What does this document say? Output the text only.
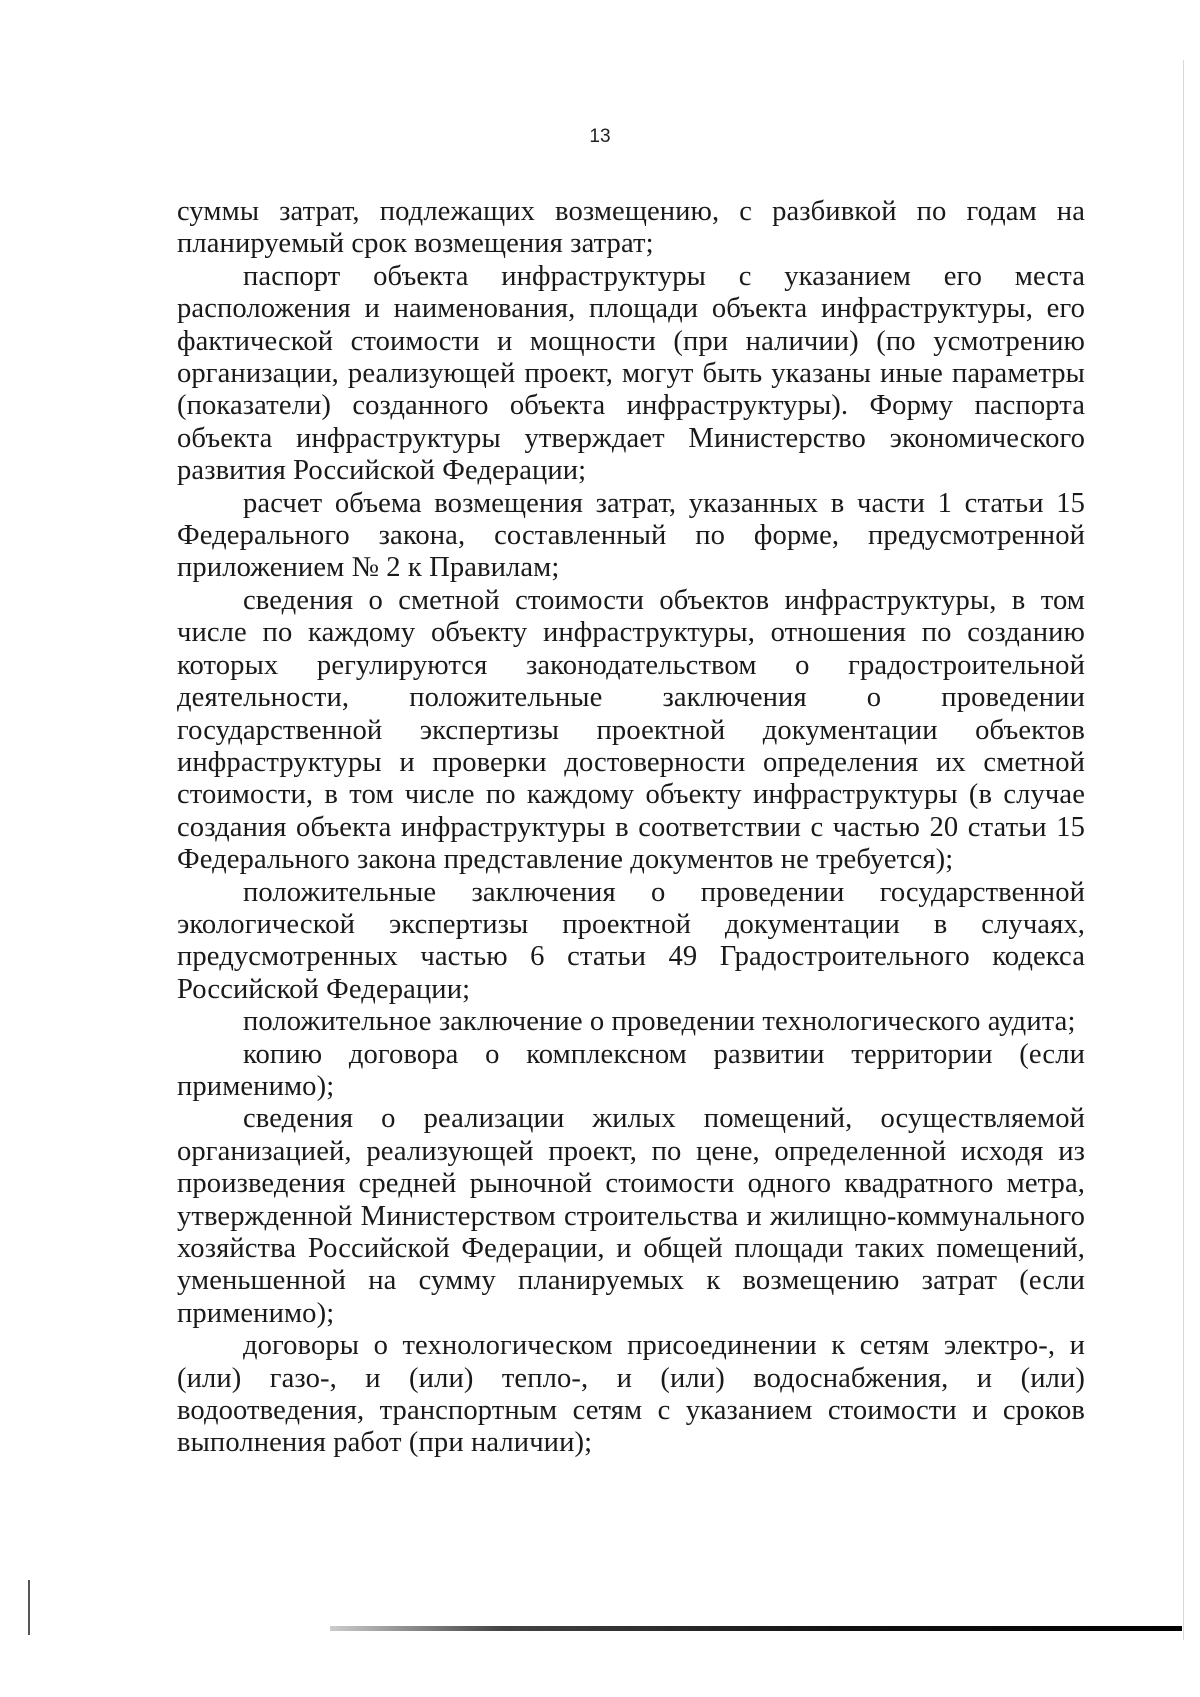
13

суммы затрат, подлежащих возмещению, с разбивкой по годам на планируемый срок возмещения затрат;

паспорт объекта инфраструктуры с указанием его места расположения и наименования, площади объекта инфраструктуры, его фактической стоимости и мощности (при наличии) (по усмотрению организации, реализующей проект, могут быть указаны иные параметры (показатели) созданного объекта инфраструктуры). Форму паспорта объекта инфраструктуры утверждает Министерство экономического развития Российской Федерации;

расчет объема возмещения затрат, указанных в части 1 статьи 15 Федерального закона, составленный по форме, предусмотренной приложением № 2 к Правилам;

сведения о сметной стоимости объектов инфраструктуры, в том числе по каждому объекту инфраструктуры, отношения по созданию которых регулируются законодательством о градостроительной деятельности, положительные заключения о проведении государственной экспертизы проектной документации объектов инфраструктуры и проверки достоверности определения их сметной стоимости, в том числе по каждому объекту инфраструктуры (в случае создания объекта инфраструктуры в соответствии с частью 20 статьи 15 Федерального закона представление документов не требуется);

положительные заключения о проведении государственной экологической экспертизы проектной документации в случаях, предусмотренных частью 6 статьи 49 Градостроительного кодекса Российской Федерации;

положительное заключение о проведении технологического аудита;

копию договора о комплексном развитии территории (если применимо);

сведения о реализации жилых помещений, осуществляемой организацией, реализующей проект, по цене, определенной исходя из произведения средней рыночной стоимости одного квадратного метра, утвержденной Министерством строительства и жилищно-коммунального хозяйства Российской Федерации, и общей площади таких помещений, уменьшенной на сумму планируемых к возмещению затрат (если применимо);

договоры о технологическом присоединении к сетям электро-, и (или) газо-, и (или) тепло-, и (или) водоснабжения, и (или) водоотведения, транспортным сетям с указанием стоимости и сроков выполнения работ (при наличии);
